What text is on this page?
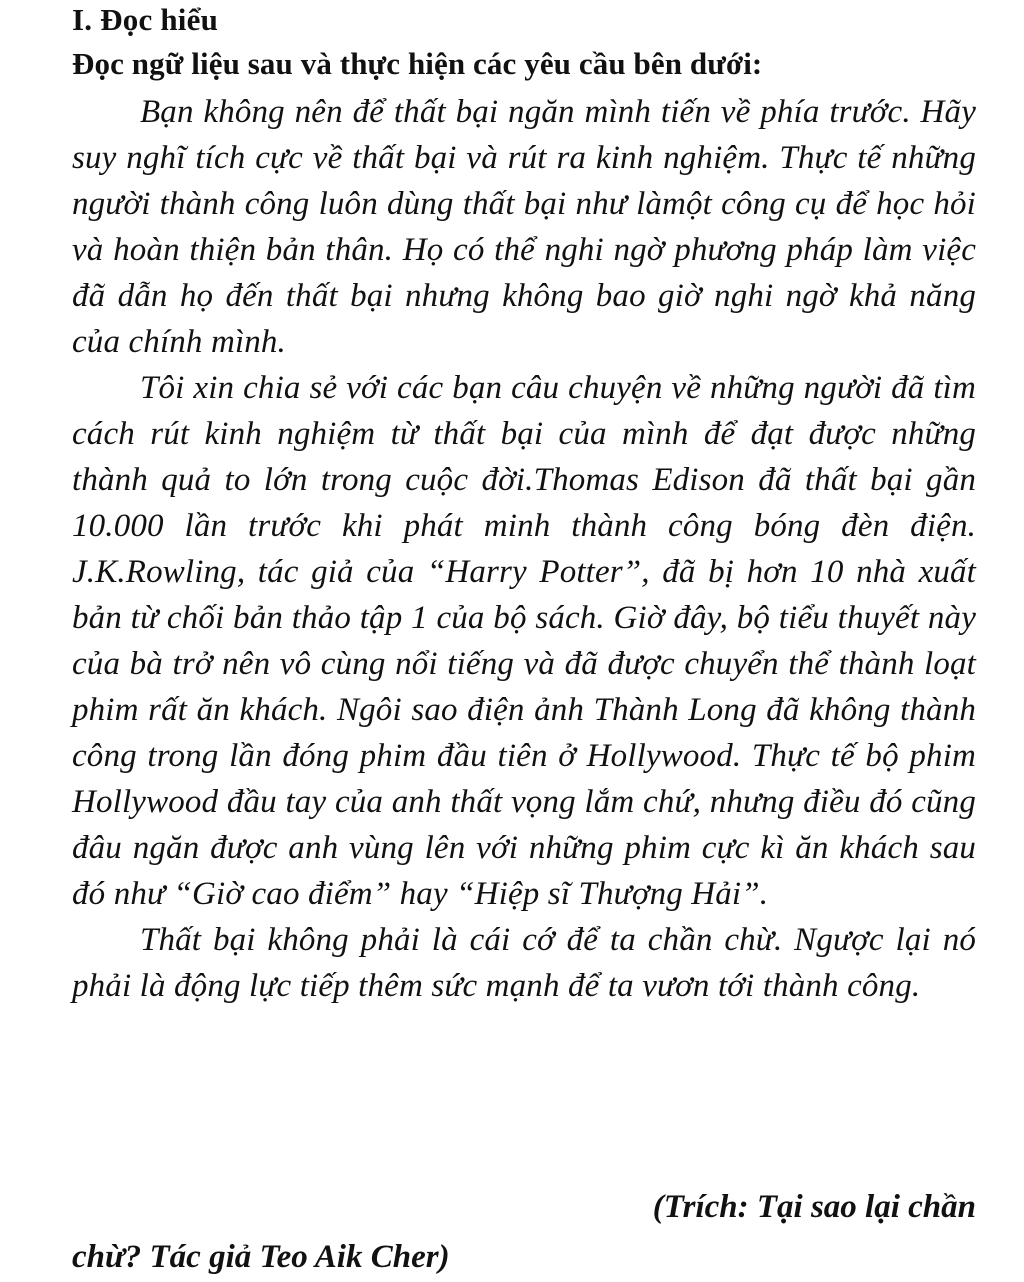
I. Đọc hiểu

Đọc ngữ liệu sau và thực hiện các yêu cầu bên dưới:

Bạn không nên để thất bại ngăn mình tiến về phía trước. Hãy suy nghĩ tích cực về thất bại và rút ra kinh nghiệm. Thực tế những người thành công luôn dùng thất bại như làmột công cụ để học hỏi và hoàn thiện bản thân. Họ có thể nghi ngờ phương pháp làm việc đã dẫn họ đến thất bại nhưng không bao giờ nghi ngờ khả năng của chính mình.

Tôi xin chia sẻ với các bạn câu chuyện về những người đã tìm cách rút kinh nghiệm từ thất bại của mình để đạt được những thành quả to lớn trong cuộc đời.Thomas Edison đã thất bại gần 10.000 lần trước khi phát minh thành công bóng đèn điện. J.K.Rowling, tác giả của “Harry Potter”, đã bị hơn 10 nhà xuất bản từ chối bản thảo tập 1 của bộ sách. Giờ đây, bộ tiểu thuyết này của bà trở nên vô cùng nổi tiếng và đã được chuyển thể thành loạt phim rất ăn khách. Ngôi sao điện ảnh Thành Long đã không thành công trong lần đóng phim đầu tiên ở Hollywood. Thực tế bộ phim Hollywood đầu tay của anh thất vọng lắm chứ, nhưng điều đó cũng đâu ngăn được anh vùng lên với những phim cực kì ăn khách sau đó như “Giờ cao điểm” hay “Hiệp sĩ Thượng Hải”.

Thất bại không phải là cái cớ để ta chần chừ. Ngược lại nó phải là động lực tiếp thêm sức mạnh để ta vươn tới thành công.

(Trích: Tại sao lại chần
chừ? Tác giả Teo Aik Cher)
